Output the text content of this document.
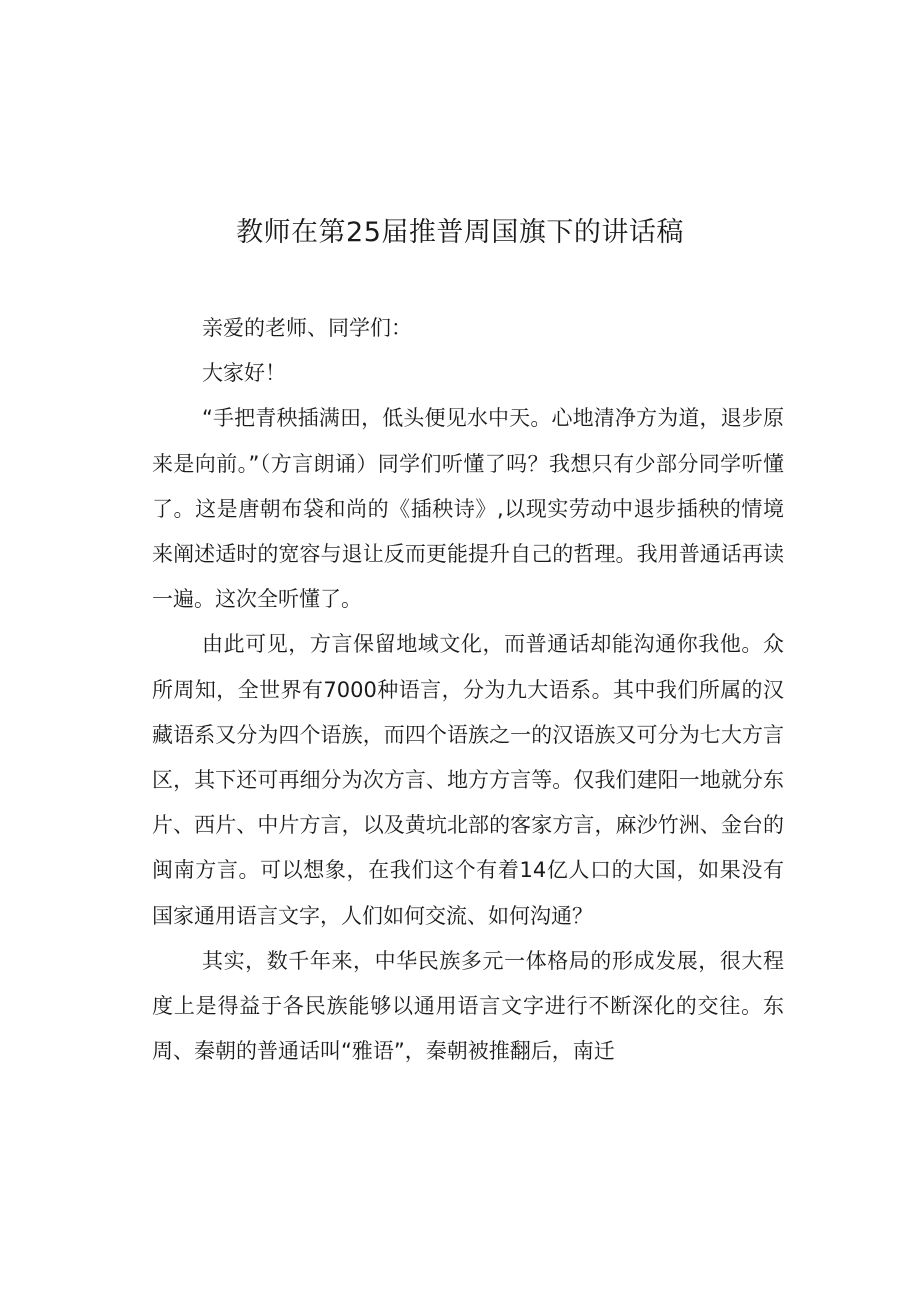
教师在第25届推普周国旗下的讲话稿

亲爱的老师、同学们：

大家好！

“手把青秧插满田，低头便见水中天。心地清净方为道，退步原来是向前。”（方言朗诵）同学们听懂了吗？我想只有少部分同学听懂了。这是唐朝布袋和尚的《插秧诗》,以现实劳动中退步插秧的情境来阐述适时的宽容与退让反而更能提升自己的哲理。我用普通话再读一遍。这次全听懂了。

由此可见，方言保留地域文化，而普通话却能沟通你我他。众所周知，全世界有7000种语言，分为九大语系。其中我们所属的汉藏语系又分为四个语族，而四个语族之一的汉语族又可分为七大方言区，其下还可再细分为次方言、地方方言等。仅我们建阳一地就分东片、西片、中片方言，以及黄坑北部的客家方言，麻沙竹洲、金台的闽南方言。可以想象，在我们这个有着14亿人口的大国，如果没有国家通用语言文字，人们如何交流、如何沟通？

其实，数千年来，中华民族多元一体格局的形成发展，很大程度上是得益于各民族能够以通用语言文字进行不断深化的交往。东周、秦朝的普通话叫“雅语”，秦朝被推翻后，南迁
